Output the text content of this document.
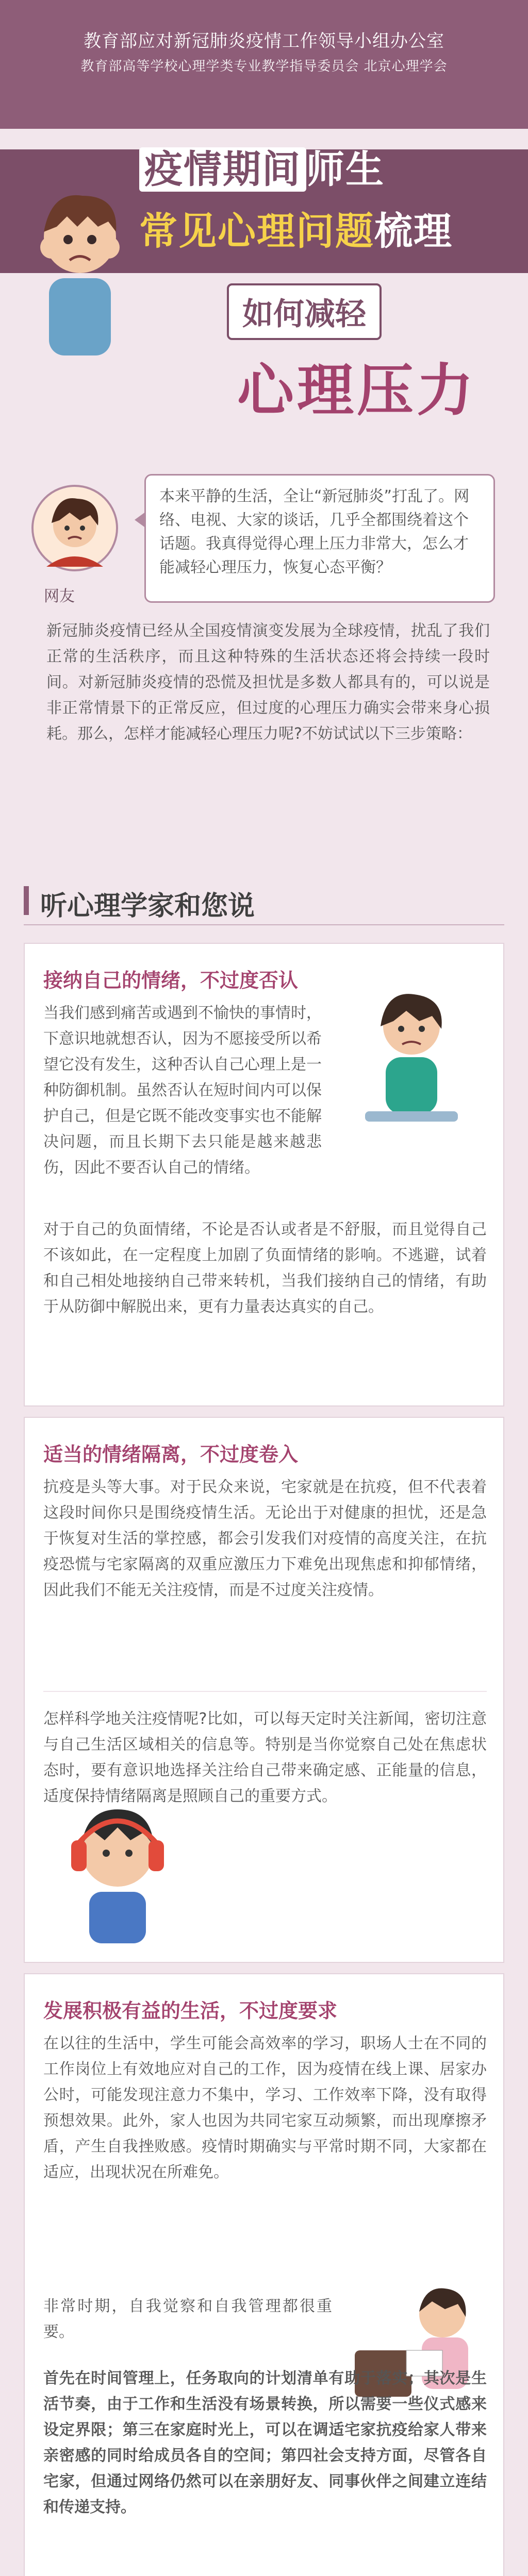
教育部应对新冠肺炎疫情工作领导小组办公室
教育部高等学校心理学类专业教学指导委员会 北京心理学会
疫情期间 师生
常见心理问题梳理
如何减轻
心理压力
网友
本来平静的生活，全让“新冠肺炎”打乱了。网络、电视、大家的谈话，几乎全都围绕着这个话题。我真得觉得心理上压力非常大，怎么才能减轻心理压力，恢复心态平衡？
新冠肺炎疫情已经从全国疫情演变发展为全球疫情，扰乱了我们正常的生活秩序，而且这种特殊的生活状态还将会持续一段时间。对新冠肺炎疫情的恐慌及担忧是多数人都具有的，可以说是非正常情景下的正常反应，但过度的心理压力确实会带来身心损耗。那么，怎样才能减轻心理压力呢?不妨试试以下三步策略：
听心理学家和您说
接纳自己的情绪，不过度否认
当我们感到痛苦或遇到不愉快的事情时，下意识地就想否认，因为不愿接受所以希望它没有发生，这种否认自己心理上是一种防御机制。虽然否认在短时间内可以保护自己，但是它既不能改变事实也不能解决问题，而且长期下去只能是越来越悲伤，因此不要否认自己的情绪。
对于自己的负面情绪，不论是否认或者是不舒服，而且觉得自己不该如此，在一定程度上加剧了负面情绪的影响。不逃避，试着和自己相处地接纳自己带来转机，当我们接纳自己的情绪，有助于从防御中解脱出来，更有力量表达真实的自己。
适当的情绪隔离，不过度卷入
抗疫是头等大事。对于民众来说，宅家就是在抗疫，但不代表着这段时间你只是围绕疫情生活。无论出于对健康的担忧，还是急于恢复对生活的掌控感，都会引发我们对疫情的高度关注，在抗疫恐慌与宅家隔离的双重应激压力下难免出现焦虑和抑郁情绪，因此我们不能无关注疫情，而是不过度关注疫情。
怎样科学地关注疫情呢?比如，可以每天定时关注新闻，密切注意与自己生活区域相关的信息等。特别是当你觉察自己处在焦虑状态时，要有意识地选择关注给自己带来确定感、正能量的信息，适度保持情绪隔离是照顾自己的重要方式。
发展积极有益的生活，不过度要求
在以往的生活中，学生可能会高效率的学习，职场人士在不同的工作岗位上有效地应对自己的工作，因为疫情在线上课、居家办公时，可能发现注意力不集中，学习、工作效率下降，没有取得预想效果。此外，家人也因为共同宅家互动频繁，而出现摩擦矛盾，产生自我挫败感。疫情时期确实与平常时期不同，大家都在适应，出现状况在所难免。
非常时期，自我觉察和自我管理都很重要。
首先在时间管理上，任务取向的计划清单有助于落实；其次是生活节奏，由于工作和生活没有场景转换，所以需要一些仪式感来设定界限；第三在家庭时光上，可以在调适宅家抗疫给家人带来亲密感的同时给成员各自的空间；第四社会支持方面，尽管各自宅家，但通过网络仍然可以在亲朋好友、同事伙伴之间建立连结和传递支持。
